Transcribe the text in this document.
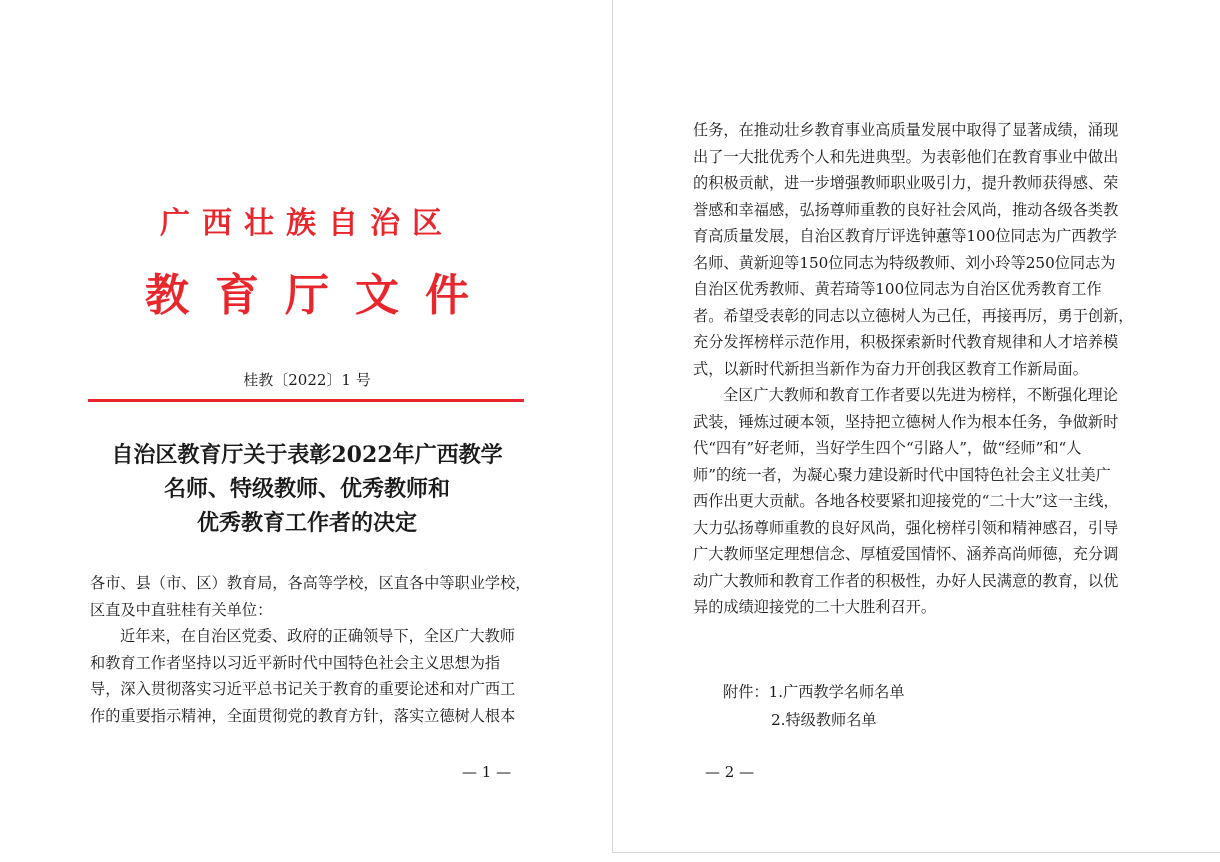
广西壮族自治区
教育厅文件
桂教〔2022〕1 号
自治区教育厅关于表彰2022年广西教学
名师、特级教师、优秀教师和
优秀教育工作者的决定

各市、县（市、区）教育局，各高等学校，区直各中等职业学校，

区直及中直驻桂有关单位：

近年来，在自治区党委、政府的正确领导下，全区广大教师

和教育工作者坚持以习近平新时代中国特色社会主义思想为指

导，深入贯彻落实习近平总书记关于教育的重要论述和对广西工

作的重要指示精神，全面贯彻党的教育方针，落实立德树人根本

— 1 —

任务，在推动壮乡教育事业高质量发展中取得了显著成绩，涌现

出了一大批优秀个人和先进典型。为表彰他们在教育事业中做出

的积极贡献，进一步增强教师职业吸引力，提升教师获得感、荣

誉感和幸福感，弘扬尊师重教的良好社会风尚，推动各级各类教

育高质量发展，自治区教育厅评选钟蕙等100位同志为广西教学

名师、黄新迎等150位同志为特级教师、刘小玲等250位同志为

自治区优秀教师、黄若琦等100位同志为自治区优秀教育工作

者。希望受表彰的同志以立德树人为己任，再接再厉，勇于创新，

充分发挥榜样示范作用，积极探索新时代教育规律和人才培养模

式，以新时代新担当新作为奋力开创我区教育工作新局面。

全区广大教师和教育工作者要以先进为榜样，不断强化理论

武装，锤炼过硬本领，坚持把立德树人作为根本任务，争做新时

代“四有”好老师，当好学生四个“引路人”，做“经师”和“人

师”的统一者，为凝心聚力建设新时代中国特色社会主义壮美广

西作出更大贡献。各地各校要紧扣迎接党的“二十大”这一主线，

大力弘扬尊师重教的良好风尚，强化榜样引领和精神感召，引导

广大教师坚定理想信念、厚植爱国情怀、涵养高尚师德，充分调

动广大教师和教育工作者的积极性，办好人民满意的教育，以优

异的成绩迎接党的二十大胜利召开。

附件：1.广西教学名师名单
2.特级教师名单
— 2 —
